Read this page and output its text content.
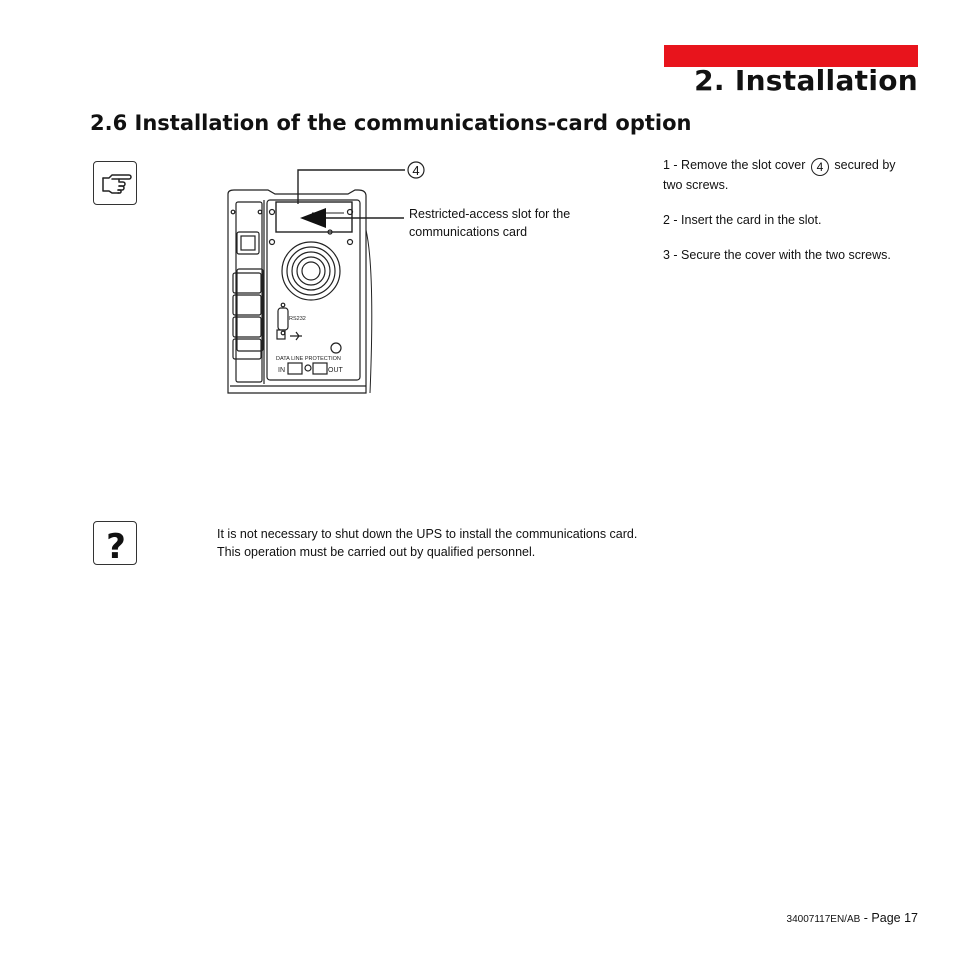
2. Installation
2.6 Installation of the communications-card option
4
RS232
DATA LINE PROTECTION
IN	OUT
Restricted-access slot for the communications card

1 - Remove the slot cover 4 secured by two screws.

2 - Insert the card in the slot.

3 - Secure the cover with the two screws.

?	It is not necessary to shut down the UPS to install the communications card.

This operation must be carried out by qualified personnel.

34007117EN/AB - Page 17
